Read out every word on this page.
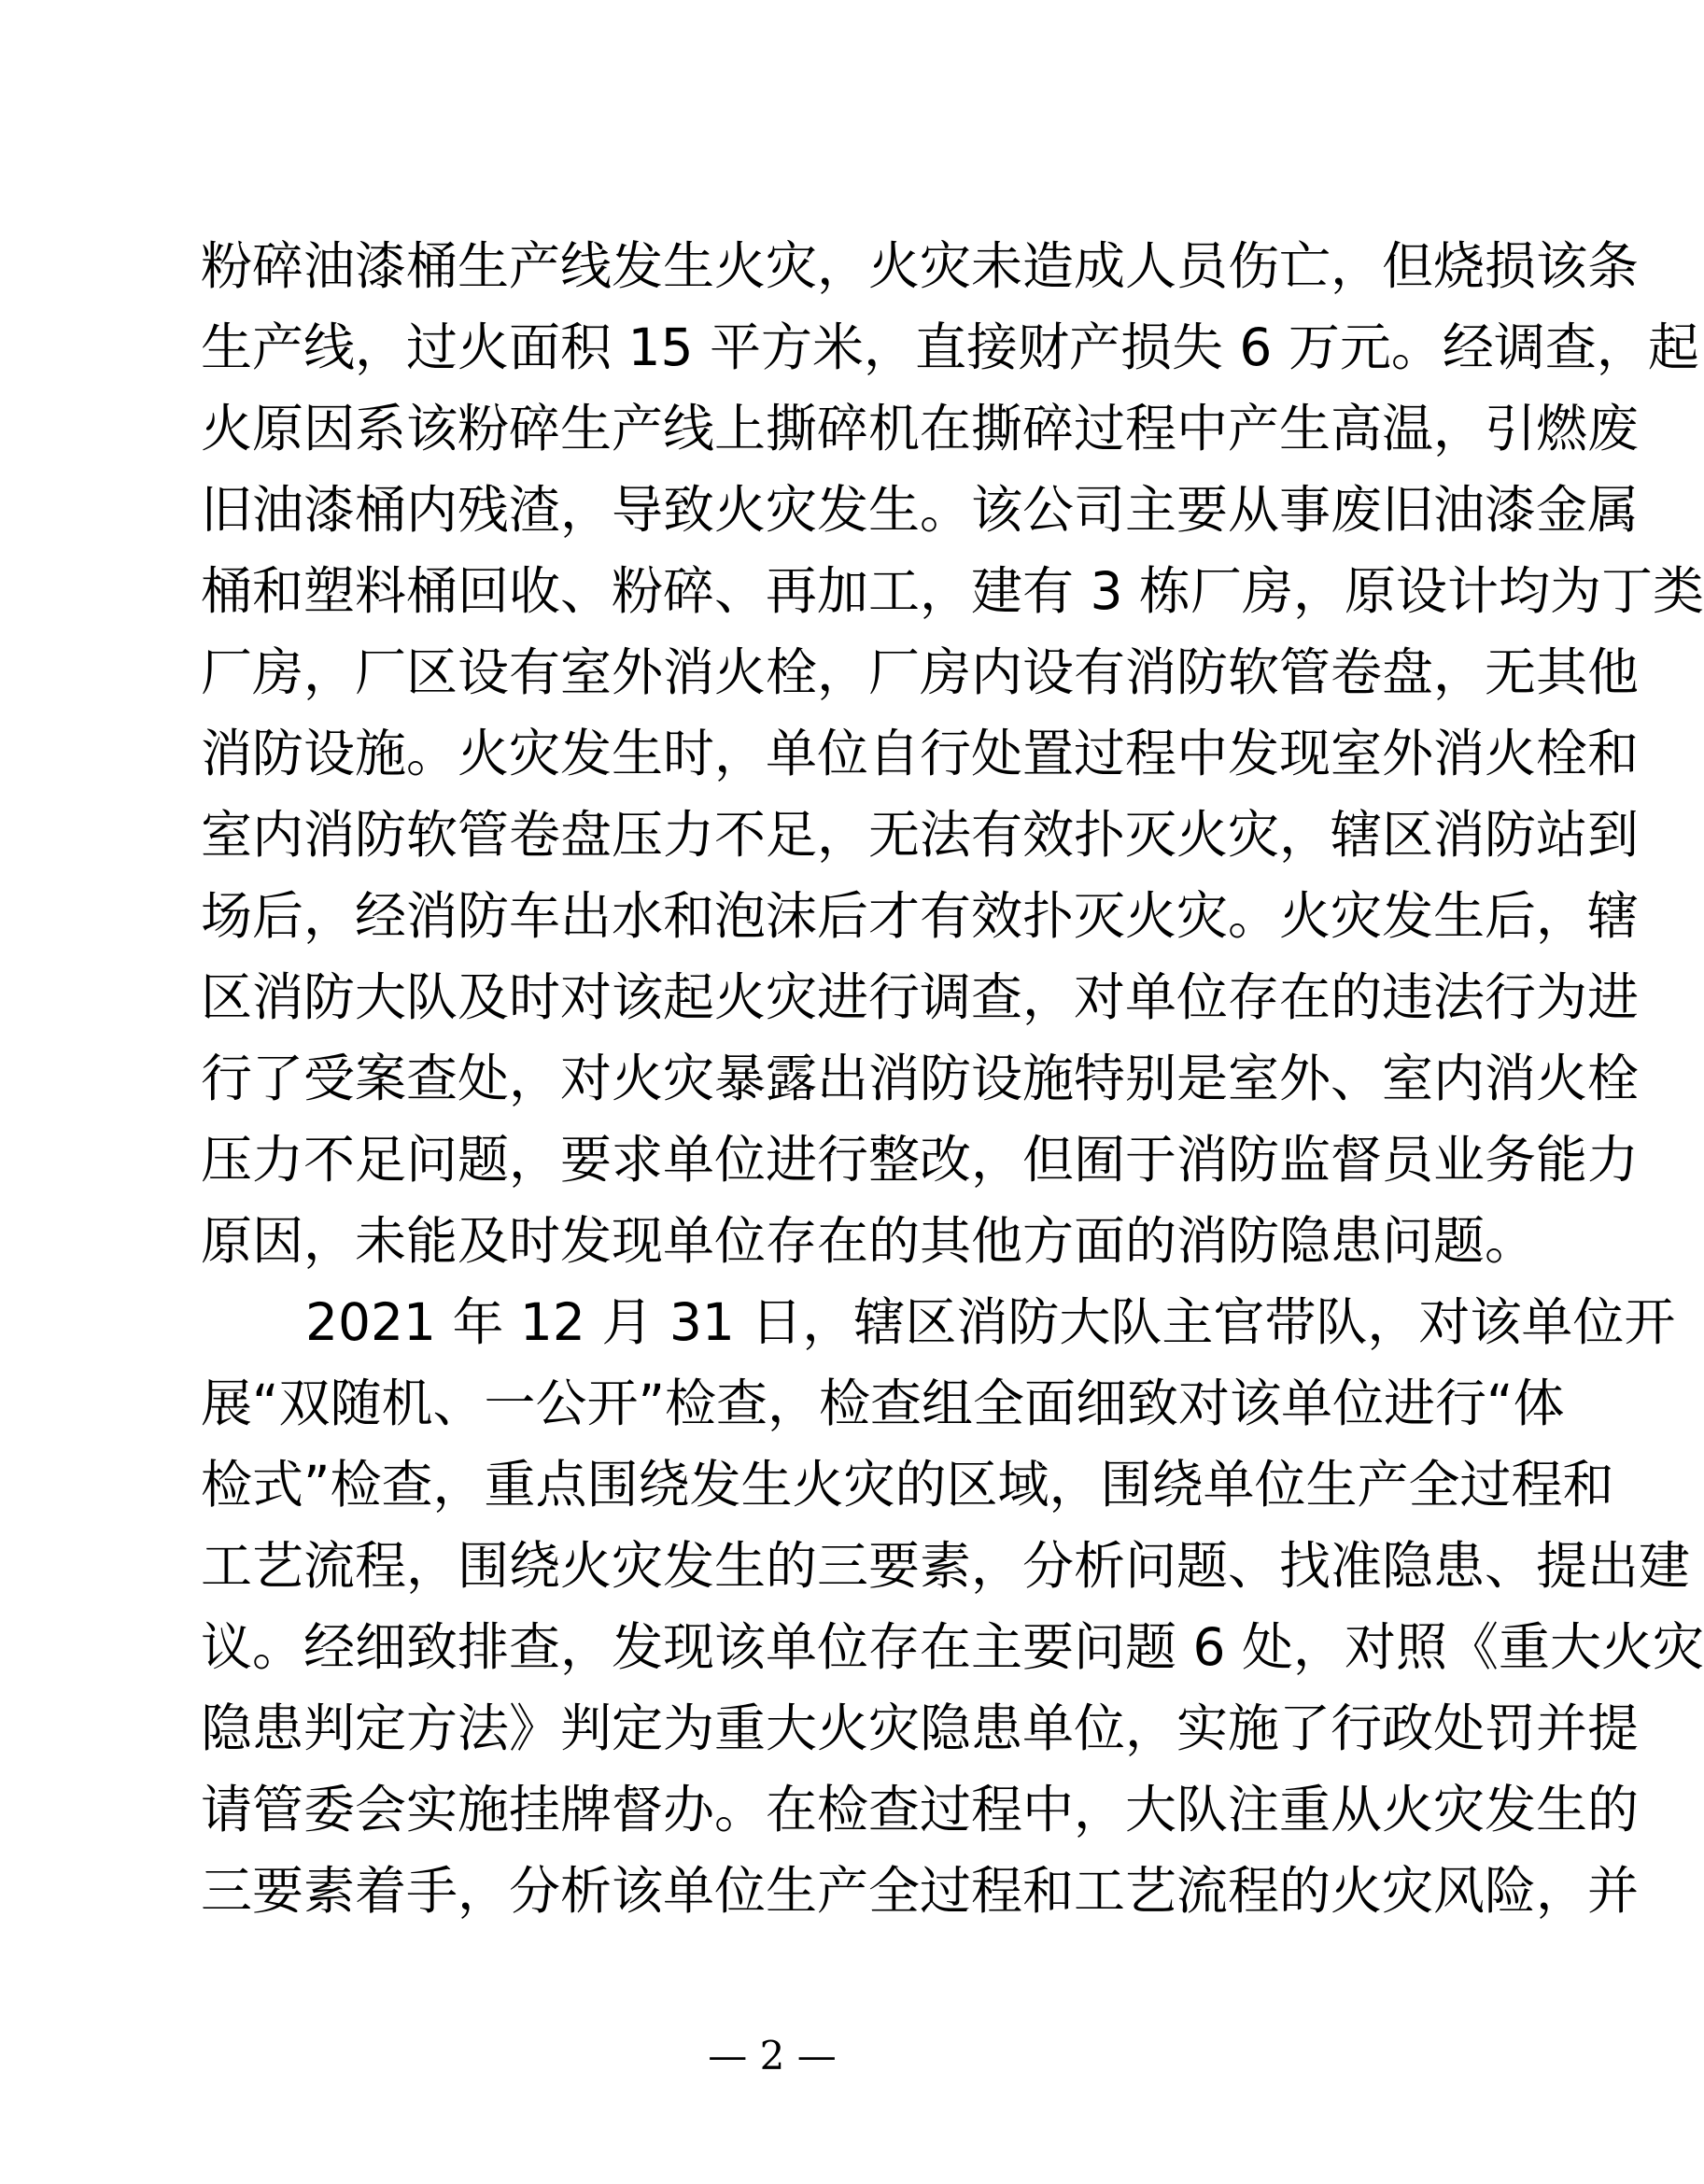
粉碎油漆桶生产线发生火灾，火灾未造成人员伤亡，但烧损该条
生产线，过火面积 15 平方米，直接财产损失 6 万元。经调查，起
火原因系该粉碎生产线上撕碎机在撕碎过程中产生高温，引燃废
旧油漆桶内残渣，导致火灾发生。该公司主要从事废旧油漆金属
桶和塑料桶回收、粉碎、再加工，建有 3 栋厂房，原设计均为丁类
厂房，厂区设有室外消火栓，厂房内设有消防软管卷盘，无其他
消防设施。火灾发生时，单位自行处置过程中发现室外消火栓和
室内消防软管卷盘压力不足，无法有效扑灭火灾，辖区消防站到
场后，经消防车出水和泡沫后才有效扑灭火灾。火灾发生后，辖
区消防大队及时对该起火灾进行调查，对单位存在的违法行为进
行了受案查处，对火灾暴露出消防设施特别是室外、室内消火栓
压力不足问题，要求单位进行整改，但囿于消防监督员业务能力
原因，未能及时发现单位存在的其他方面的消防隐患问题。
2021 年 12 月 31 日，辖区消防大队主官带队，对该单位开
展“双随机、一公开”检查，检查组全面细致对该单位进行“体
检式”检查，重点围绕发生火灾的区域，围绕单位生产全过程和
工艺流程，围绕火灾发生的三要素，分析问题、找准隐患、提出建
议。经细致排查，发现该单位存在主要问题 6 处，对照《重大火灾
隐患判定方法》判定为重大火灾隐患单位，实施了行政处罚并提
请管委会实施挂牌督办。在检查过程中，大队注重从火灾发生的
三要素着手，分析该单位生产全过程和工艺流程的火灾风险，并
— 2 —
